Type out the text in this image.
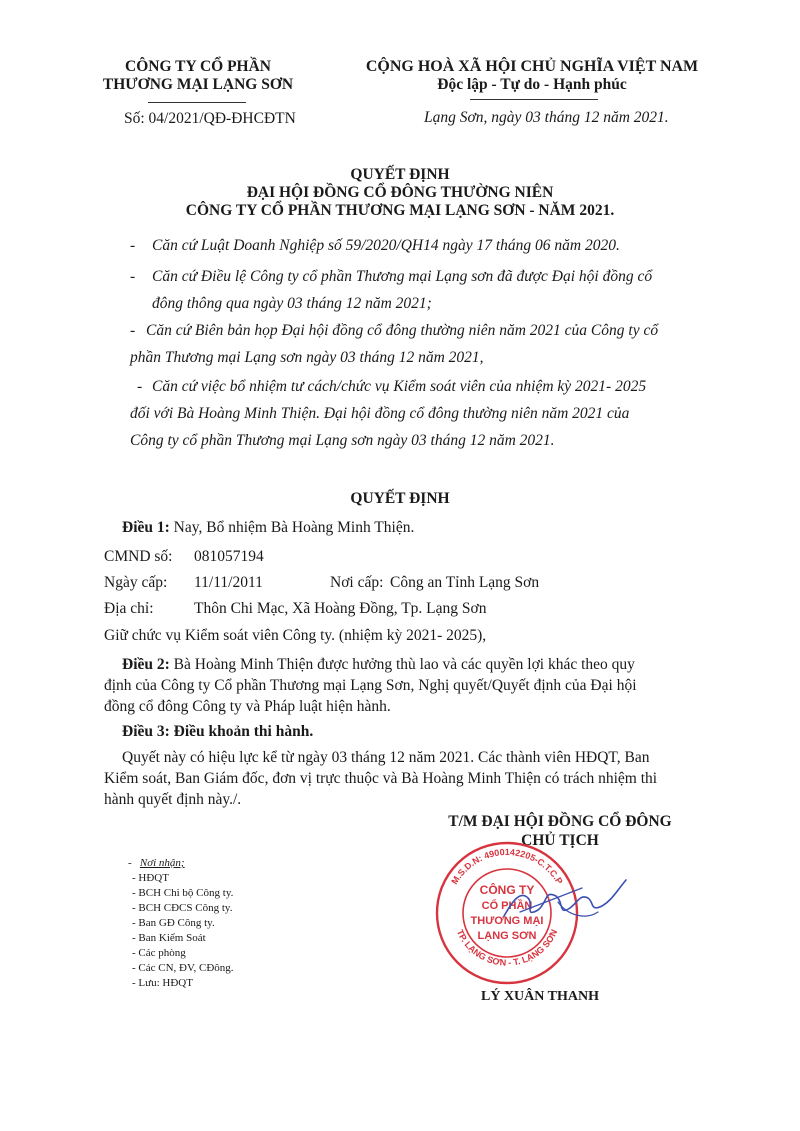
CÔNG TY CỔ PHẦN
THƯƠNG MẠI LẠNG SƠN
Số: 04/2021/QĐ-ĐHCĐTN
CỘNG HOÀ XÃ HỘI CHỦ NGHĨA VIỆT NAM
Độc lập - Tự do - Hạnh phúc
Lạng Sơn, ngày 03 tháng 12 năm 2021.
QUYẾT ĐỊNH
ĐẠI HỘI ĐỒNG CỔ ĐÔNG THƯỜNG NIÊN
CÔNG TY CỔ PHẦN THƯƠNG MẠI LẠNG SƠN - NĂM 2021.
- Căn cứ Luật Doanh Nghiệp số 59/2020/QH14 ngày 17 tháng 06 năm 2020.
- Căn cứ Điều lệ Công ty cổ phần Thương mại Lạng sơn đã được Đại hội đồng cổ
đông thông qua ngày 03 tháng 12 năm 2021;
- Căn cứ Biên bản họp Đại hội đồng cổ đông thường niên năm 2021 của Công ty cổ
phần Thương mại Lạng sơn ngày 03 tháng 12 năm 2021,
- Căn cứ việc bổ nhiệm tư cách/chức vụ Kiểm soát viên của nhiệm kỳ 2021- 2025
đối với Bà Hoàng Minh Thiện. Đại hội đồng cổ đông thường niên năm 2021 của
Công ty cổ phần Thương mại Lạng sơn ngày 03 tháng 12 năm 2021.
QUYẾT ĐỊNH
Điều 1: Nay, Bổ nhiệm Bà Hoàng Minh Thiện.
CMND số: 081057194
Ngày cấp: 11/11/2011	Nơi cấp: Công an Tỉnh Lạng Sơn
Địa chỉ:	Thôn Chi Mạc, Xã Hoàng Đồng, Tp. Lạng Sơn
Giữ chức vụ Kiểm soát viên Công ty. (nhiệm kỳ 2021- 2025),
Điều 2: Bà Hoàng Minh Thiện được hưởng thù lao và các quyền lợi khác theo quy
định của Công ty Cổ phần Thương mại Lạng Sơn, Nghị quyết/Quyết định của Đại hội
đồng cổ đông Công ty và Pháp luật hiện hành.
Điều 3: Điều khoản thi hành.
Quyết này có hiệu lực kể từ ngày 03 tháng 12 năm 2021. Các thành viên HĐQT, Ban
Kiểm soát, Ban Giám đốc, đơn vị trực thuộc và Bà Hoàng Minh Thiện có trách nhiệm thi
hành quyết định này./.
T/M ĐẠI HỘI ĐỒNG CỔ ĐÔNG
CHỦ TỊCH
M.S.D.N: 4900142205-C.T.C.P
TP. LẠNG SƠN - T. LẠNG SƠN
CÔNG TY
CỔ PHẦN
THƯƠNG MẠI
LẠNG SƠN
LÝ XUÂN THANH
-   Nơi nhận;
- HĐQT
- BCH Chi bộ Công ty.
- BCH CĐCS Công ty.
- Ban GĐ Công ty.
- Ban Kiểm Soát
- Các phòng
- Các CN, ĐV, CĐông.
- Lưu: HĐQT
